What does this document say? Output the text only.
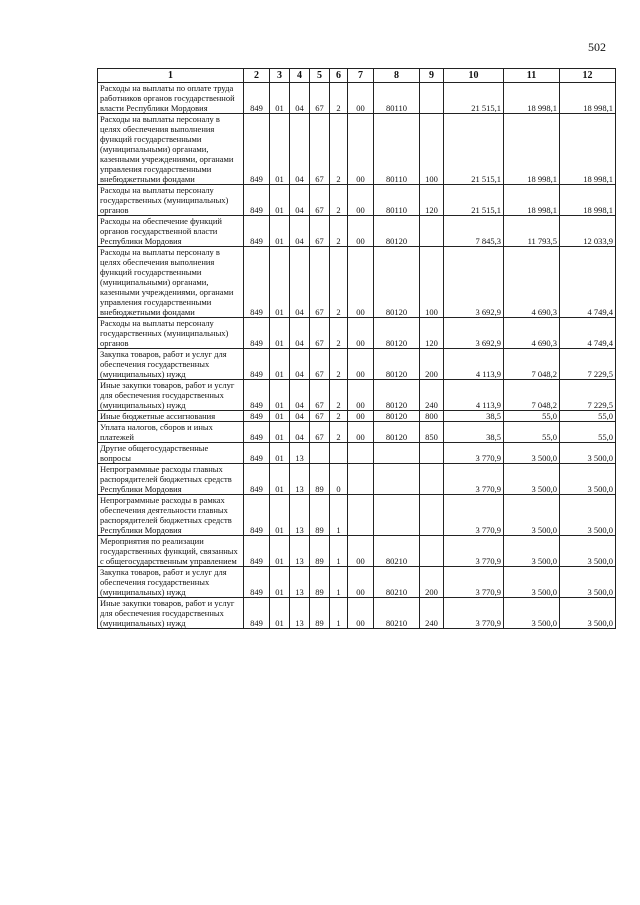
502
1	2	3	4	5	6	7	8	9	10	11	12
Расходы на выплаты по оплате труда работников органов государственной власти Республики Мордовия	849	01	04	67	2	00	80110		21 515,1	18 998,1	18 998,1
Расходы на выплаты персоналу в целях обеспечения выполнения функций государственными (муниципальными) органами, казенными учреждениями, органами управления государственными внебюджетными фондами	849	01	04	67	2	00	80110	100	21 515,1	18 998,1	18 998,1
Расходы на выплаты персоналу государственных (муниципальных) органов	849	01	04	67	2	00	80110	120	21 515,1	18 998,1	18 998,1
Расходы на обеспечение функций органов государственной власти Республики Мордовия	849	01	04	67	2	00	80120		7 845,3	11 793,5	12 033,9
Расходы на выплаты персоналу в целях обеспечения выполнения функций государственными (муниципальными) органами, казенными учреждениями, органами управления государственными внебюджетными фондами	849	01	04	67	2	00	80120	100	3 692,9	4 690,3	4 749,4
Расходы на выплаты персоналу государственных (муниципальных) органов	849	01	04	67	2	00	80120	120	3 692,9	4 690,3	4 749,4
Закупка товаров, работ и услуг для обеспечения государственных (муниципальных) нужд	849	01	04	67	2	00	80120	200	4 113,9	7 048,2	7 229,5
Иные закупки товаров, работ и услуг для обеспечения государственных (муниципальных) нужд	849	01	04	67	2	00	80120	240	4 113,9	7 048,2	7 229,5
Иные бюджетные ассигнования	849	01	04	67	2	00	80120	800	38,5	55,0	55,0
Уплата налогов, сборов и иных платежей	849	01	04	67	2	00	80120	850	38,5	55,0	55,0
Другие общегосударственные вопросы	849	01	13						3 770,9	3 500,0	3 500,0
Непрограммные расходы главных распорядителей бюджетных средств Республики Мордовия	849	01	13	89	0				3 770,9	3 500,0	3 500,0
Непрограммные расходы в рамках обеспечения деятельности главных распорядителей бюджетных средств Республики Мордовия	849	01	13	89	1				3 770,9	3 500,0	3 500,0
Мероприятия по реализации государственных функций, связанных с общегосударственным управлением	849	01	13	89	1	00	80210		3 770,9	3 500,0	3 500,0
Закупка товаров, работ и услуг для обеспечения государственных (муниципальных) нужд	849	01	13	89	1	00	80210	200	3 770,9	3 500,0	3 500,0
Иные закупки товаров, работ и услуг для обеспечения государственных (муниципальных) нужд	849	01	13	89	1	00	80210	240	3 770,9	3 500,0	3 500,0
